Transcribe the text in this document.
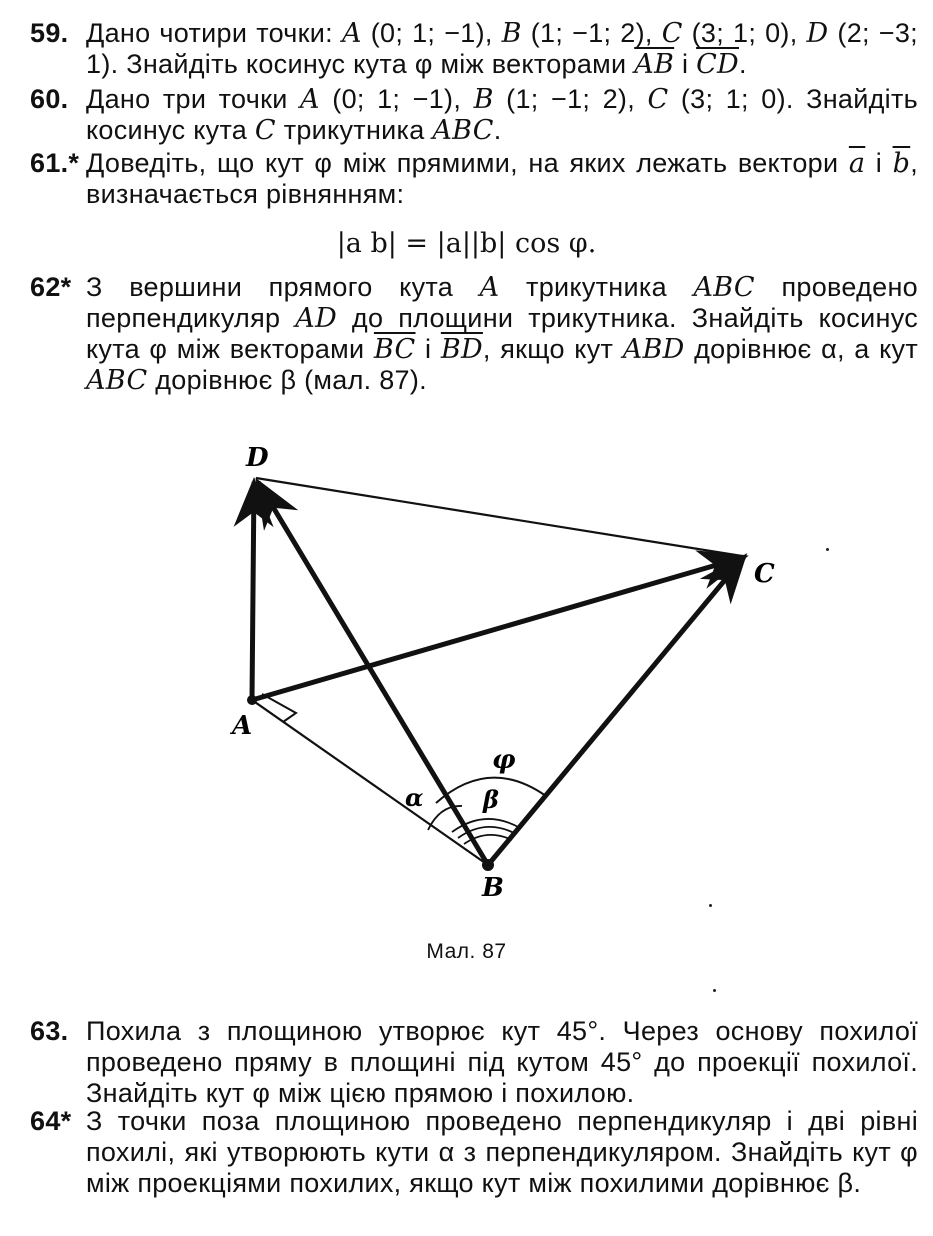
59. Дано чотири точки: A (0; 1; −1), B (1; −1; 2), C (3; 1; 0), D (2; −3; 1). Знайдіть косинус кута φ між векторами $\overline{AB}$ і $\overline{CD}$.
60. Дано три точки A (0; 1; −1), B (1; −1; 2), C (3; 1; 0). Знайдіть косинус кута C трикутника ABC.
61.* Доведіть, що кут φ між прямими, на яких лежать вектори $\overline{a}$ і $\overline{b}$, визначається рівнянням:
|a b| = |a||b| cos φ.
62* З вершини прямого кута A трикутника ABC проведено перпендикуляр AD до площини трикутника. Знайдіть косинус кута φ між векторами $\overline{BC}$ і $\overline{BD}$, якщо кут ABD дорівнює α, а кут ABC дорівнює β (мал. 87).
D
C
A
B
φ
β
α
Мал. 87
63. Похила з площиною утворює кут 45°. Через основу похилої проведено пряму в площині під кутом 45° до проекції похилої. Знайдіть кут φ між цією прямою і похилою.
64* З точки поза площиною проведено перпендикуляр і дві рівні похилі, які утворюють кути α з перпендикуляром. Знайдіть кут φ між проекціями похилих, якщо кут між похилими дорівнює β.
